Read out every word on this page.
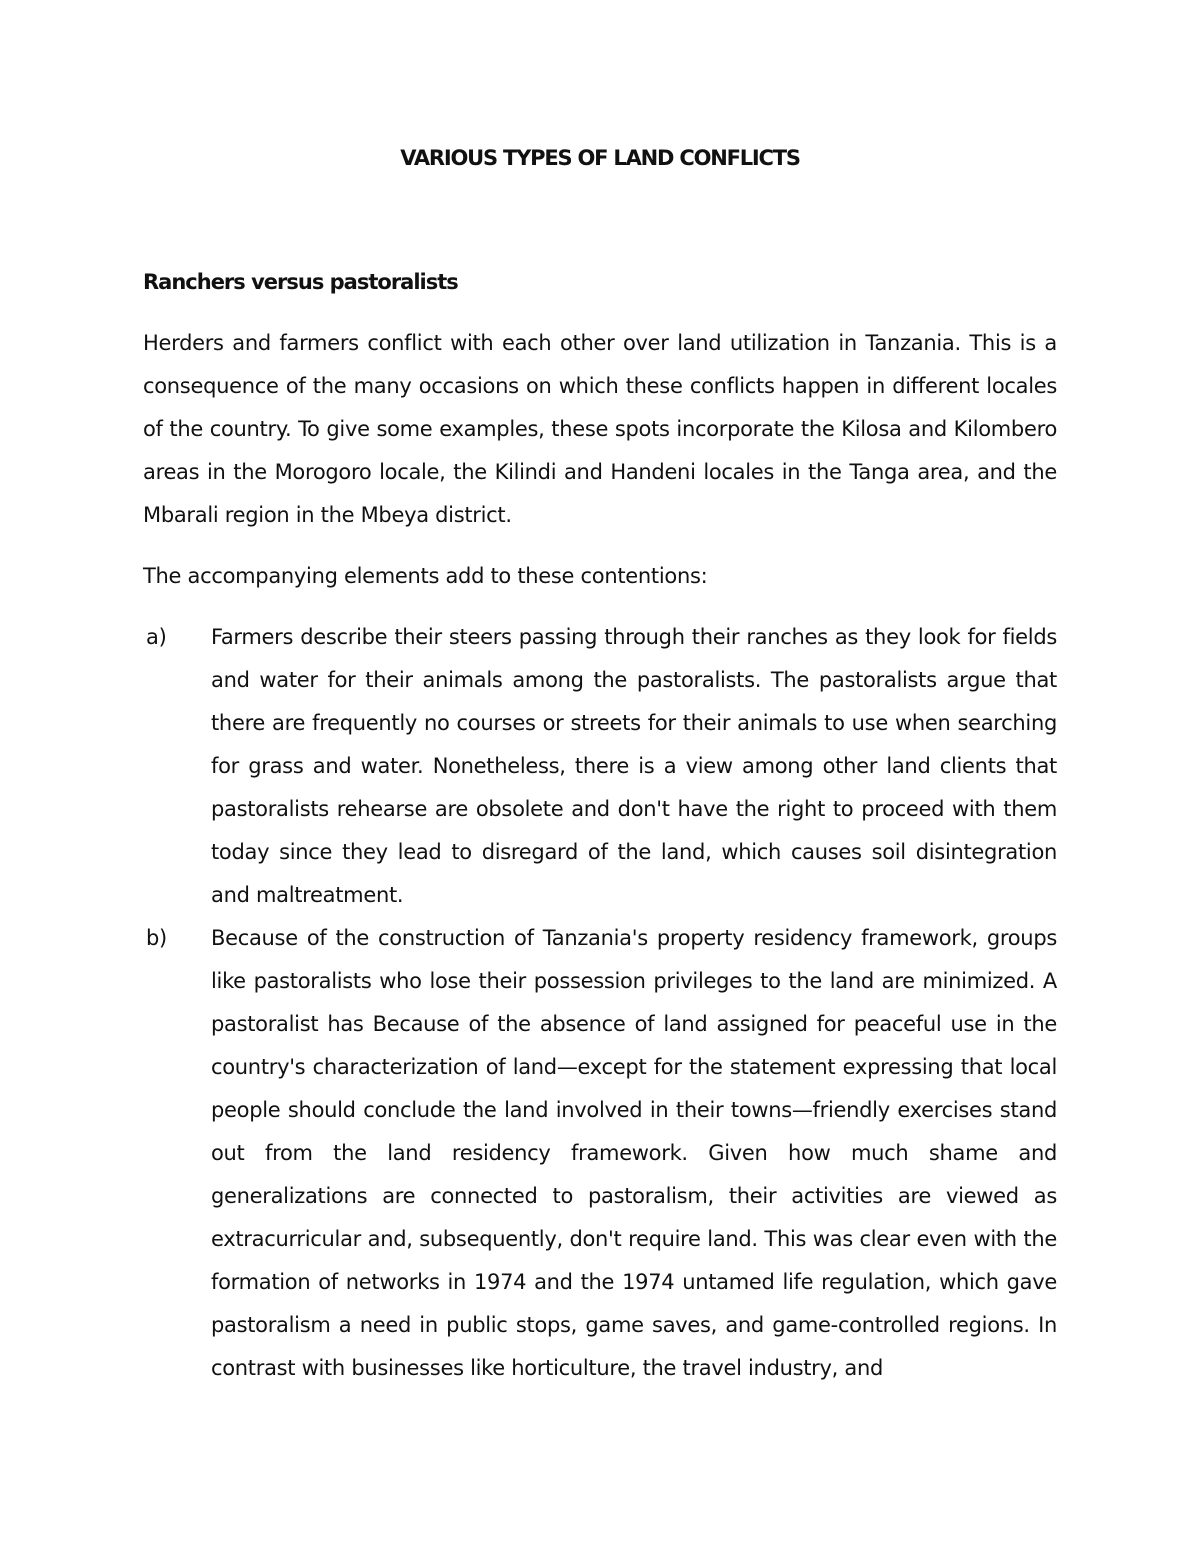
VARIOUS TYPES OF LAND CONFLICTS
Ranchers versus pastoralists

Herders and farmers conflict with each other over land utilization in Tanzania. This is a consequence of the many occasions on which these conflicts happen in different locales of the country. To give some examples, these spots incorporate the Kilosa and Kilombero areas in the Morogoro locale, the Kilindi and Handeni locales in the Tanga area, and the Mbarali region in the Mbeya district.

The accompanying elements add to these contentions:

a) Farmers describe their steers passing through their ranches as they look for fields and water for their animals among the pastoralists. The pastoralists argue that there are frequently no courses or streets for their animals to use when searching for grass and water. Nonetheless, there is a view among other land clients that pastoralists rehearse are obsolete and don't have the right to proceed with them today since they lead to disregard of the land, which causes soil disintegration and maltreatment.
b) Because of the construction of Tanzania's property residency framework, groups like pastoralists who lose their possession privileges to the land are minimized. A pastoralist has Because of the absence of land assigned for peaceful use in the country's characterization of land—except for the statement expressing that local people should conclude the land involved in their towns—friendly exercises stand out from the land residency framework. Given how much shame and generalizations are connected to pastoralism, their activities are viewed as extracurricular and, subsequently, don't require land. This was clear even with the formation of networks in 1974 and the 1974 untamed life regulation, which gave pastoralism a need in public stops, game saves, and game-controlled regions. In contrast with businesses like horticulture, the travel industry, and
